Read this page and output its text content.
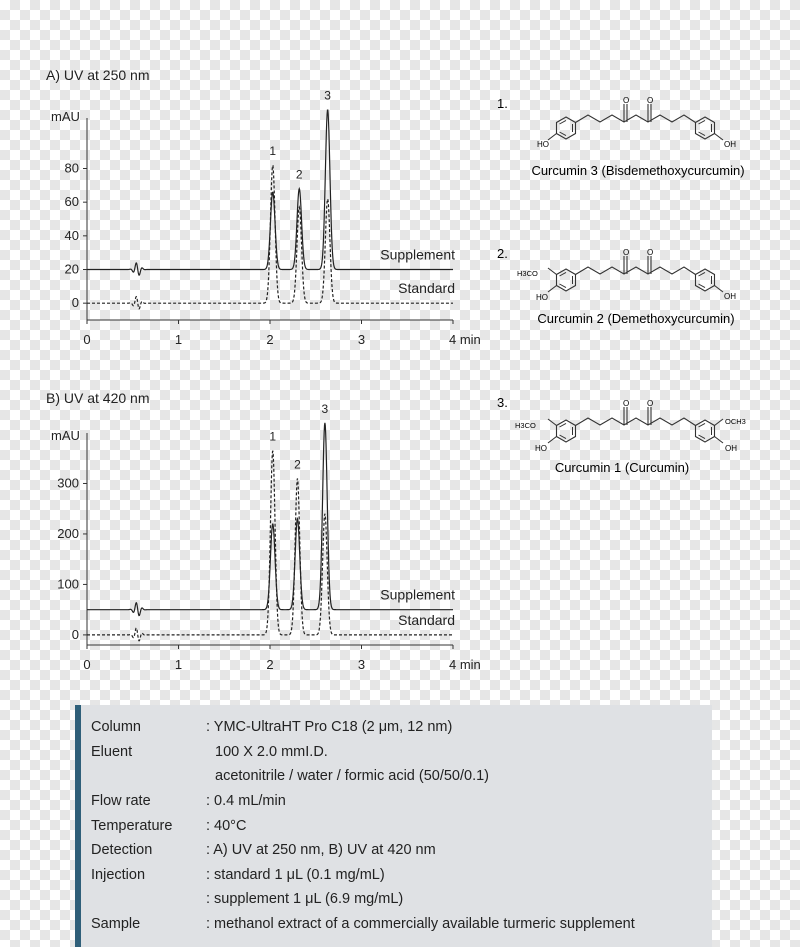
A) UV at 250 nm
mAU
0
20
40
60
80
0	1	2	3	4 min
Supplement
Standard
1
2
3
B) UV at 420 nm
mAU
0
100
200
300
0	1	2	3	4 min
Supplement
Standard
1
2
3
1.	O O
HO	OH
Curcumin 3 (Bisdemethoxycurcumin)
2.	O O
H3CO
HO	OH
Curcumin 2 (Demethoxycurcumin)
3.	O O
H3CO
HO
OCH3
OH
Curcumin 1 (Curcumin)
Column	: YMC-UltraHT Pro C18 (2 μm, 12 nm)
Eluent	100 X 2.0 mmI.D.
acetonitrile / water / formic acid (50/50/0.1)
Flow rate	: 0.4 mL/min
Temperature	: 40°C
Detection	: A) UV at 250 nm, B) UV at 420 nm
Injection	: standard 1 μL (0.1 mg/mL)
: supplement 1 μL (6.9 mg/mL)
Sample	: methanol extract of a commercially available turmeric supplement
